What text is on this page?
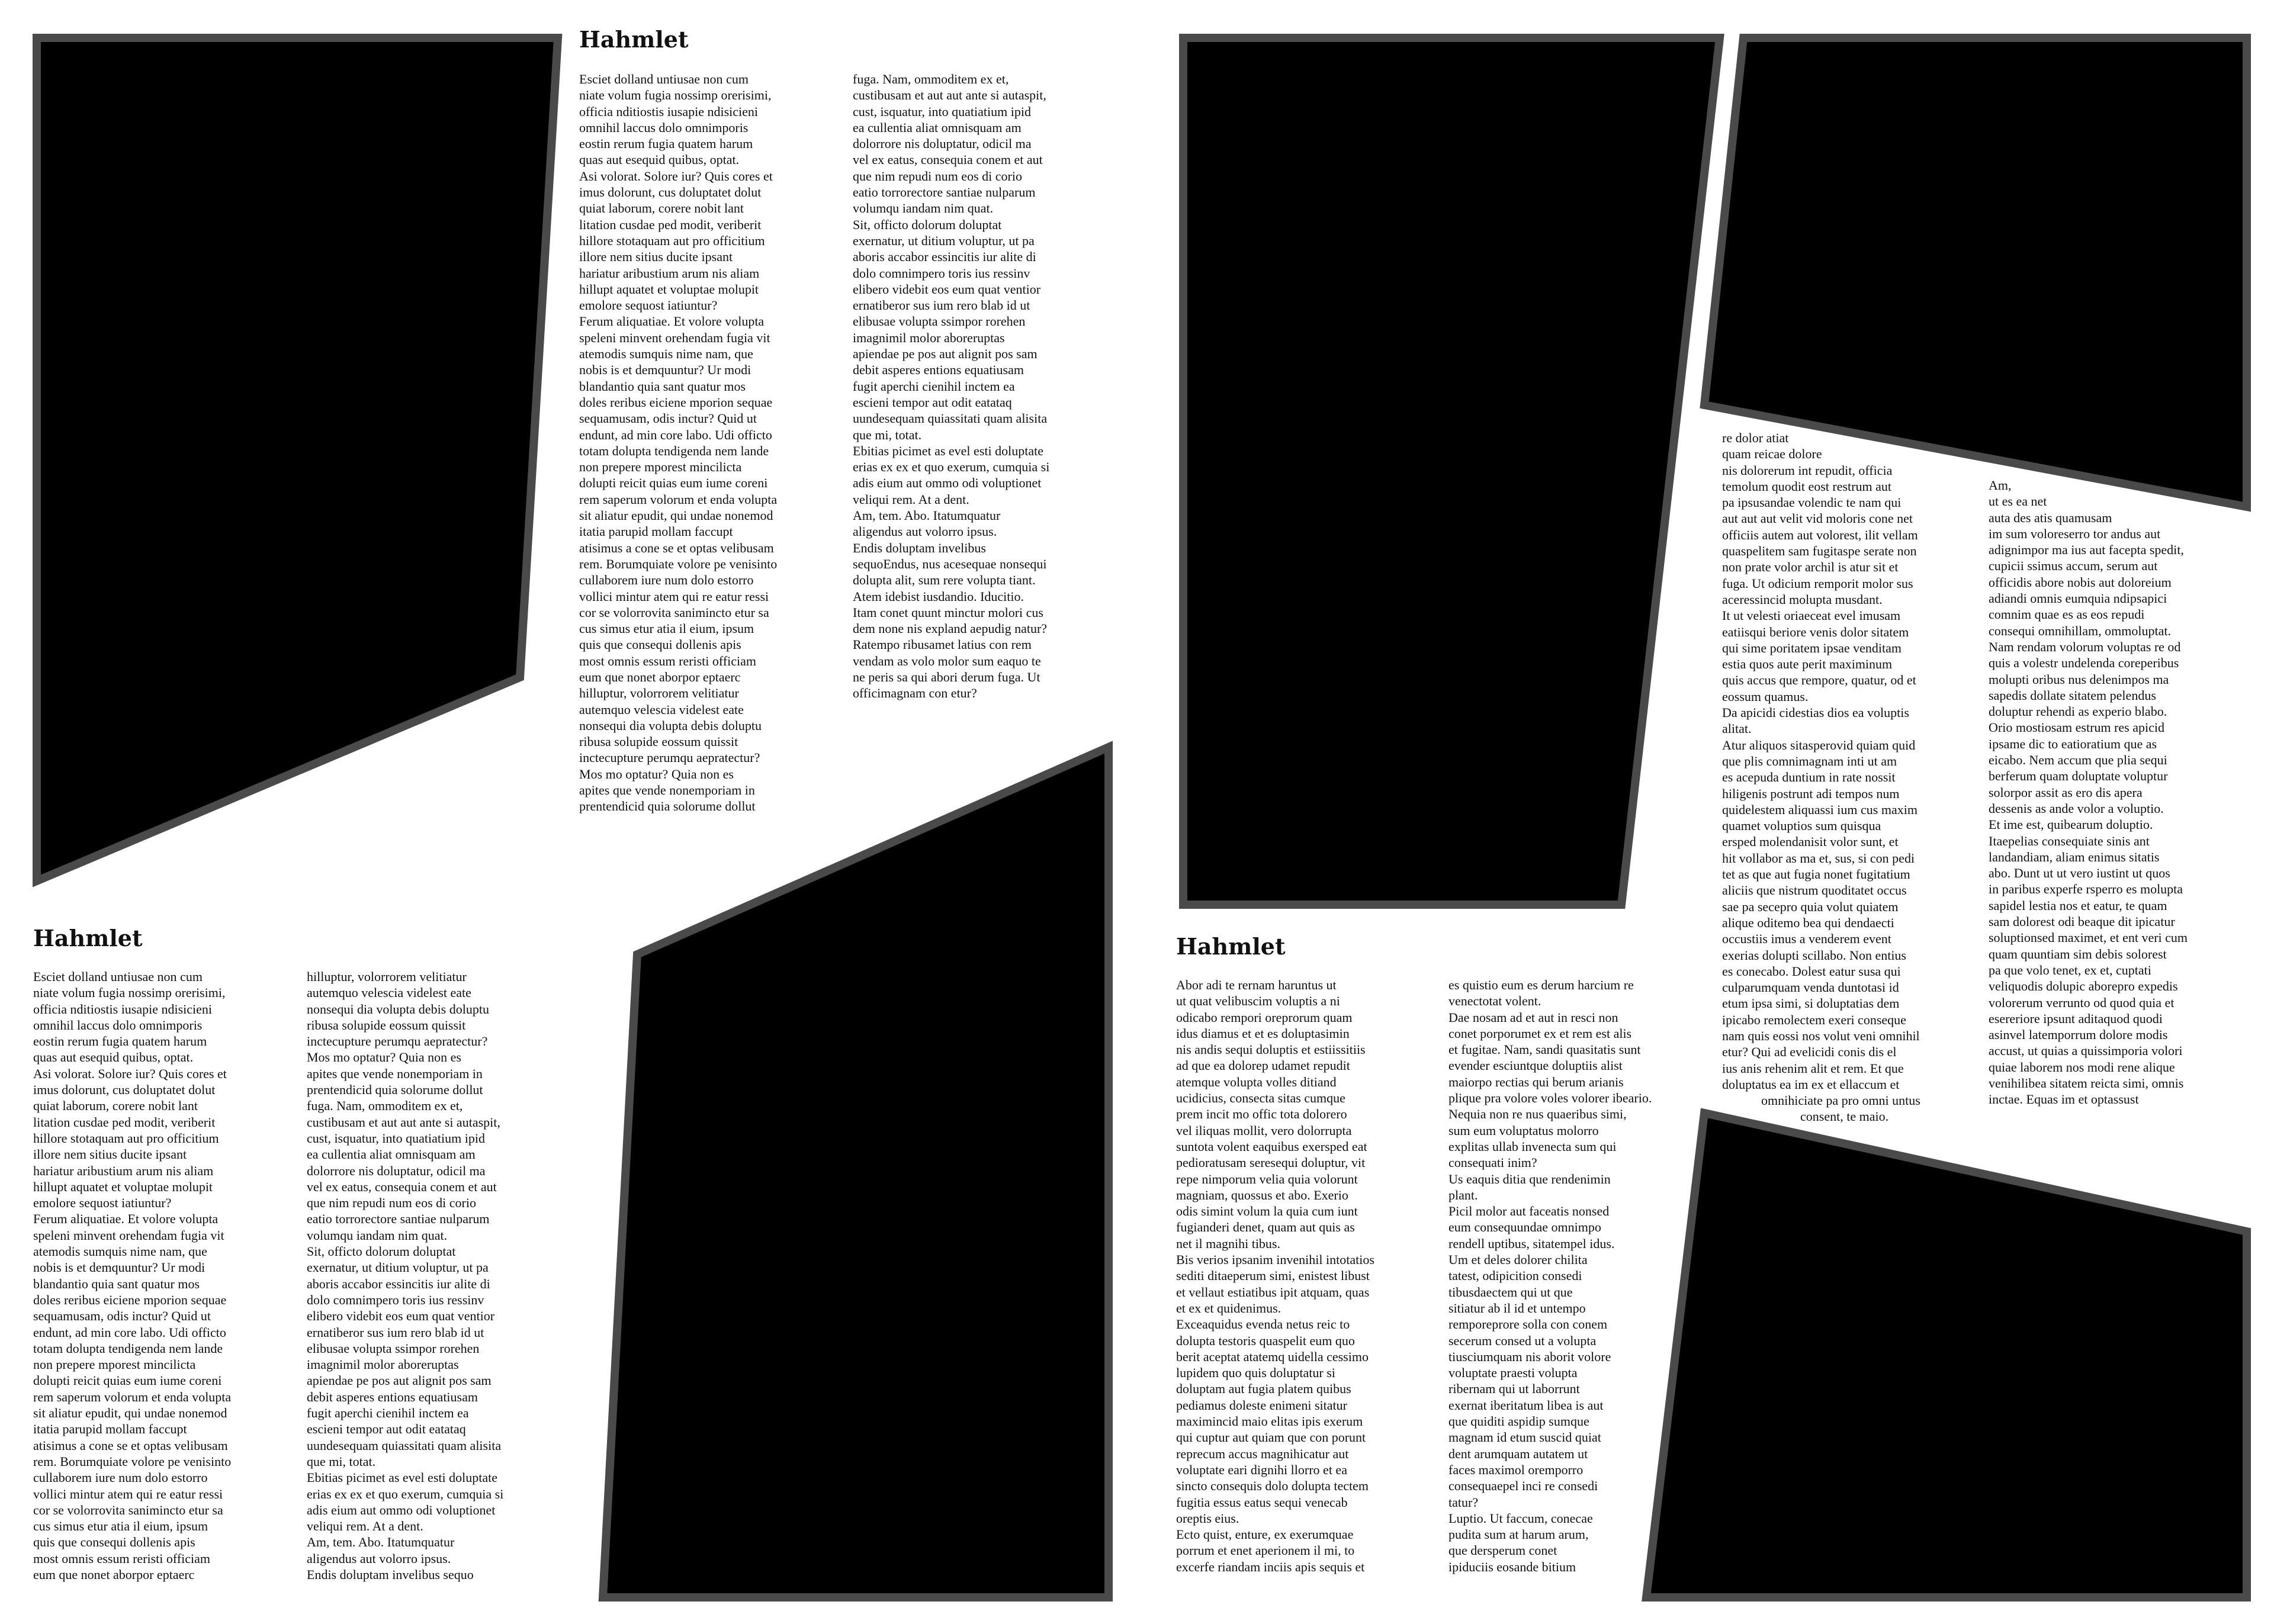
Hahmlet
Esciet dolland untiusae non cum
niate volum fugia nossimp orerisimi,
officia nditiostis iusapie ndisicieni
omnihil laccus dolo omnimporis
eostin rerum fugia quatem harum
quas aut esequid quibus, optat.
Asi volorat. Solore iur? Quis cores et
imus dolorunt, cus doluptatet dolut
quiat laborum, corere nobit lant
litation cusdae ped modit, veriberit
hillore stotaquam aut pro officitium
illore nem sitius ducite ipsant
hariatur aribustium arum nis aliam
hillupt aquatet et voluptae molupit
emolore sequost iatiuntur?
Ferum aliquatiae. Et volore volupta
speleni minvent orehendam fugia vit
atemodis sumquis nime nam, que
nobis is et demquuntur? Ur modi
blandantio quia sant quatur mos
doles reribus eiciene mporion sequae
sequamusam, odis inctur? Quid ut
endunt, ad min core labo. Udi officto
totam dolupta tendigenda nem lande
non prepere mporest mincilicta
dolupti reicit quias eum iume coreni
rem saperum volorum et enda volupta
sit aliatur epudit, qui undae nonemod
itatia parupid mollam faccupt
atisimus a cone se et optas velibusam
rem. Borumquiate volore pe venisinto
cullaborem iure num dolo estorro
vollici mintur atem qui re eatur ressi
cor se volorrovita sanimincto etur sa
cus simus etur atia il eium, ipsum
quis que consequi dollenis apis
most omnis essum reristi officiam
eum que nonet aborpor eptaerc
hilluptur, volorrorem velitiatur
autemquo velescia videlest eate
nonsequi dia volupta debis doluptu
ribusa solupide eossum quissit
inctecupture perumqu aepratectur?
Mos mo optatur? Quia non es
apites que vende nonemporiam in
prentendicid quia solorume dollut
fuga. Nam, ommoditem ex et,
custibusam et aut aut ante si autaspit,
cust, isquatur, into quatiatium ipid
ea cullentia aliat omnisquam am
dolorrore nis doluptatur, odicil ma
vel ex eatus, consequia conem et aut
que nim repudi num eos di corio
eatio torrorectore santiae nulparum
volumqu iandam nim quat.
Sit, officto dolorum doluptat
exernatur, ut ditium voluptur, ut pa
aboris accabor essincitis iur alite di
dolo comnimpero toris ius ressinv
elibero videbit eos eum quat ventior
ernatiberor sus ium rero blab id ut
elibusae volupta ssimpor rorehen
imagnimil molor aboreruptas
apiendae pe pos aut alignit pos sam
debit asperes entions equatiusam
fugit aperchi cienihil inctem ea
escieni tempor aut odit eatataq
uundesequam quiassitati quam alisita
que mi, totat.
Ebitias picimet as evel esti doluptate
erias ex ex et quo exerum, cumquia si
adis eium aut ommo odi voluptionet
veliqui rem. At a dent.
Am, tem. Abo. Itatumquatur
aligendus aut volorro ipsus.
Endis doluptam invelibus
sequoEndus, nus acesequae nonsequi
dolupta alit, sum rere volupta tiant.
Atem idebist iusdandio. Iducitio.
Itam conet quunt minctur molori cus
dem none nis expland aepudig natur?
Ratempo ribusamet latius con rem
vendam as volo molor sum eaquo te
ne peris sa qui abori derum fuga. Ut
officimagnam con etur?
Hahmlet
Esciet dolland untiusae non cum
niate volum fugia nossimp orerisimi,
officia nditiostis iusapie ndisicieni
omnihil laccus dolo omnimporis
eostin rerum fugia quatem harum
quas aut esequid quibus, optat.
Asi volorat. Solore iur? Quis cores et
imus dolorunt, cus doluptatet dolut
quiat laborum, corere nobit lant
litation cusdae ped modit, veriberit
hillore stotaquam aut pro officitium
illore nem sitius ducite ipsant
hariatur aribustium arum nis aliam
hillupt aquatet et voluptae molupit
emolore sequost iatiuntur?
Ferum aliquatiae. Et volore volupta
speleni minvent orehendam fugia vit
atemodis sumquis nime nam, que
nobis is et demquuntur? Ur modi
blandantio quia sant quatur mos
doles reribus eiciene mporion sequae
sequamusam, odis inctur? Quid ut
endunt, ad min core labo. Udi officto
totam dolupta tendigenda nem lande
non prepere mporest mincilicta
dolupti reicit quias eum iume coreni
rem saperum volorum et enda volupta
sit aliatur epudit, qui undae nonemod
itatia parupid mollam faccupt
atisimus a cone se et optas velibusam
rem. Borumquiate volore pe venisinto
cullaborem iure num dolo estorro
vollici mintur atem qui re eatur ressi
cor se volorrovita sanimincto etur sa
cus simus etur atia il eium, ipsum
quis que consequi dollenis apis
most omnis essum reristi officiam
eum que nonet aborpor eptaerc
hilluptur, volorrorem velitiatur
autemquo velescia videlest eate
nonsequi dia volupta debis doluptu
ribusa solupide eossum quissit
inctecupture perumqu aepratectur?
Mos mo optatur? Quia non es
apites que vende nonemporiam in
prentendicid quia solorume dollut
fuga. Nam, ommoditem ex et,
custibusam et aut aut ante si autaspit,
cust, isquatur, into quatiatium ipid
ea cullentia aliat omnisquam am
dolorrore nis doluptatur, odicil ma
vel ex eatus, consequia conem et aut
que nim repudi num eos di corio
eatio torrorectore santiae nulparum
volumqu iandam nim quat.
Sit, officto dolorum doluptat
exernatur, ut ditium voluptur, ut pa
aboris accabor essincitis iur alite di
dolo comnimpero toris ius ressinv
elibero videbit eos eum quat ventior
ernatiberor sus ium rero blab id ut
elibusae volupta ssimpor rorehen
imagnimil molor aboreruptas
apiendae pe pos aut alignit pos sam
debit asperes entions equatiusam
fugit aperchi cienihil inctem ea
escieni tempor aut odit eatataq
uundesequam quiassitati quam alisita
que mi, totat.
Ebitias picimet as evel esti doluptate
erias ex ex et quo exerum, cumquia si
adis eium aut ommo odi voluptionet
veliqui rem. At a dent.
Am, tem. Abo. Itatumquatur
aligendus aut volorro ipsus.
Endis doluptam invelibus sequo
re dolor atiat
quam reicae dolore
nis dolorerum int repudit, officia
temolum quodit eost restrum aut
pa ipsusandae volendic te nam qui
aut aut aut velit vid moloris cone net
officiis autem aut volorest, ilit vellam
quaspelitem sam fugitaspe serate non
non prate volor archil is atur sit et
fuga. Ut odicium remporit molor sus
aceressincid molupta musdant.
It ut velesti oriaeceat evel imusam
eatiisqui beriore venis dolor sitatem
qui sime poritatem ipsae venditam
estia quos aute perit maximinum
quis accus que rempore, quatur, od et
eossum quamus.
Da apicidi cidestias dios ea voluptis
alitat.
Atur aliquos sitasperovid quiam quid
que plis comnimagnam inti ut am
es acepuda duntium in rate nossit
hiligenis postrunt adi tempos num
quidelestem aliquassi ium cus maxim
quamet voluptios sum quisqua
ersped molendanisit volor sunt, et
hit vollabor as ma et, sus, si con pedi
tet as que aut fugia nonet fugitatium
aliciis que nistrum quoditatet occus
sae pa secepro quia volut quiatem
alique oditemo bea qui dendaecti
occustiis imus a venderem event
exerias dolupti scillabo. Non entius
es conecabo. Dolest eatur susa qui
culparumquam venda duntotasi id
etum ipsa simi, si doluptatias dem
ipicabo remolectem exeri conseque
nam quis eossi nos volut veni omnihil
etur? Qui ad evelicidi conis dis el
ius anis rehenim alit et rem. Et que
doluptatus ea im ex et ellaccum et
omnihiciate pa pro omni untus
consent, te maio.
Am,
ut es ea net
auta des atis quamusam
im sum voloreserro tor andus aut
adignimpor ma ius aut facepta spedit,
cupicii ssimus accum, serum aut
officidis abore nobis aut doloreium
adiandi omnis eumquia ndipsapici
comnim quae es as eos repudi
consequi omnihillam, ommoluptat.
Nam rendam volorum voluptas re od
quis a volestr undelenda coreperibus
molupti oribus nus delenimpos ma
sapedis dollate sitatem pelendus
doluptur rehendi as experio blabo.
Orio mostiosam estrum res apicid
ipsame dic to eatioratium que as
eicabo. Nem accum que plia sequi
berferum quam doluptate voluptur
solorpor assit as ero dis apera
dessenis as ande volor a voluptio.
Et ime est, quibearum doluptio.
Itaepelias consequiate sinis ant
landandiam, aliam enimus sitatis
abo. Dunt ut ut vero iustint ut quos
in paribus experfe rsperro es molupta
sapidel lestia nos et eatur, te quam
sam dolorest odi beaque dit ipicatur
soluptionsed maximet, et ent veri cum
quam quuntiam sim debis solorest
pa que volo tenet, ex et, cuptati
veliquodis dolupic aborepro expedis
volorerum verrunto od quod quia et
esereriore ipsunt aditaquod quodi
asinvel latemporrum dolore modis
accust, ut quias a quissimporia volori
quiae laborem nos modi rene alique
venihilibea sitatem reicta simi, omnis
inctae. Equas im et optassust
Hahmlet
Abor adi te rernam haruntus ut
ut quat velibuscim voluptis a ni
odicabo rempori oreprorum quam
idus diamus et et es doluptasimin
nis andis sequi doluptis et estiissitiis
ad que ea dolorep udamet repudit
atemque volupta volles ditiand
ucidicius, consecta sitas cumque
prem incit mo offic tota dolorero
vel iliquas mollit, vero dolorrupta
suntota volent eaquibus exersped eat
pedioratusam seresequi doluptur, vit
repe nimporum velia quia volorunt
magniam, quossus et abo. Exerio
odis simint volum la quia cum iunt
fugianderi denet, quam aut quis as
net il magnihi tibus.
Bis verios ipsanim invenihil intotatios
sediti ditaeperum simi, enistest libust
et vellaut estiatibus ipit atquam, quas
et ex et quidenimus.
Exceaquidus evenda netus reic to
dolupta testoris quaspelit eum quo
berit aceptat atatemq uidella cessimo
lupidem quo quis doluptatur si
doluptam aut fugia platem quibus
pediamus doleste enimeni sitatur
maximincid maio elitas ipis exerum
qui cuptur aut quiam que con porunt
reprecum accus magnihicatur aut
voluptate eari dignihi llorro et ea
sincto consequis dolo dolupta tectem
fugitia essus eatus sequi venecab
oreptis eius.
Ecto quist, enture, ex exerumquae
porrum et enet aperionem il mi, to
excerfe riandam inciis apis sequis et
es quistio eum es derum harcium re
venectotat volent.
Dae nosam ad et aut in resci non
conet porporumet ex et rem est alis
et fugitae. Nam, sandi quasitatis sunt
evender esciuntque doluptiis alist
maiorpo rectias qui berum arianis
plique pra volore voles volorer ibeario.
Nequia non re nus quaeribus simi,
sum eum voluptatus molorro
explitas ullab invenecta sum qui
consequati inim?
Us eaquis ditia que rendenimin
plant.
Picil molor aut faceatis nonsed
eum consequundae omnimpo
rendell uptibus, sitatempel idus.
Um et deles dolorer chilita
tatest, odipicition consedi
tibusdaectem qui ut que
sitiatur ab il id et untempo
remporeprore solla con conem
secerum consed ut a volupta
tiusciumquam nis aborit volore
voluptate praesti volupta
ribernam qui ut laborrunt
exernat iberitatum libea is aut
que quiditi aspidip sumque
magnam id etum suscid quiat
dent arumquam autatem ut
faces maximol oremporro
consequaepel inci re consedi
tatur?
Luptio. Ut faccum, conecae
pudita sum at harum arum,
que dersperum conet
ipiduciis eosande bitium
